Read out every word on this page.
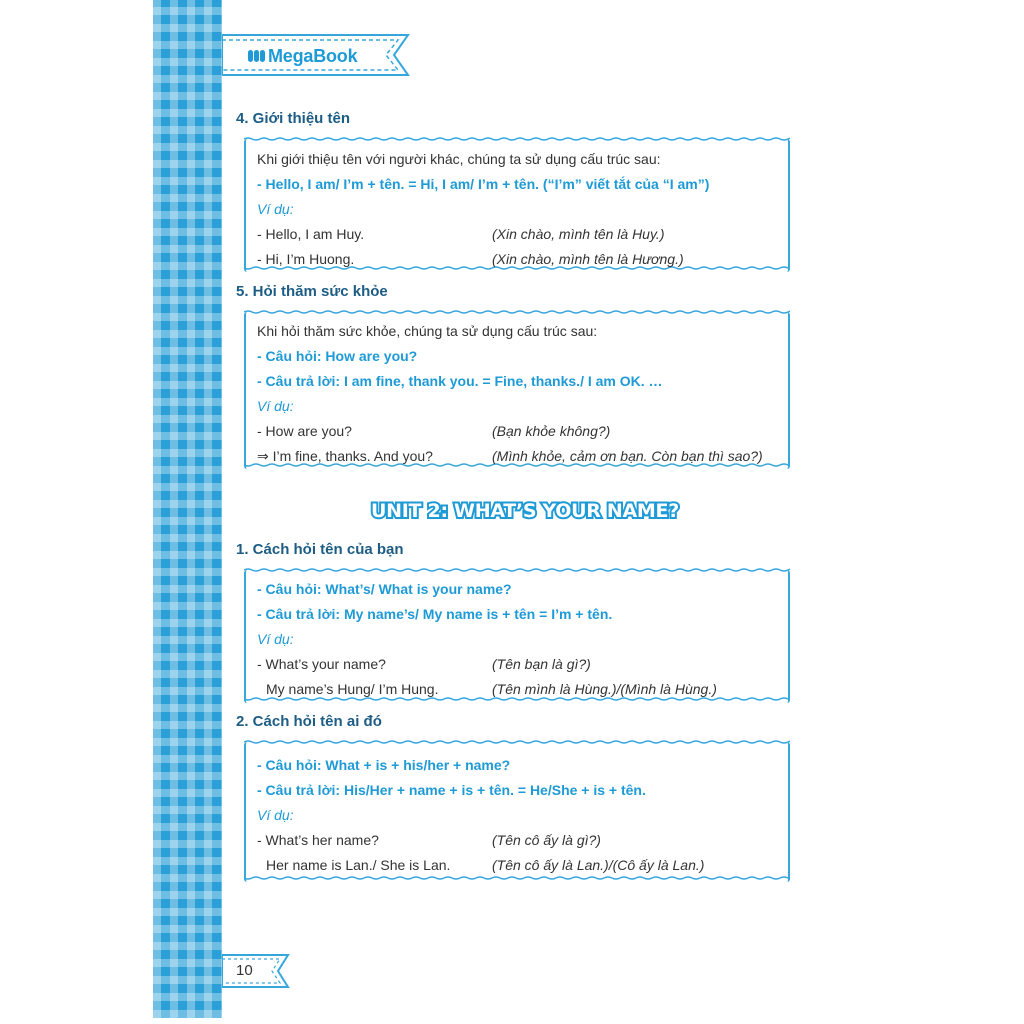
MegaBook
4. Giới thiệu tên
Khi giới thiệu tên với người khác, chúng ta sử dụng cấu trúc sau:
- Hello, I am/ I’m + tên. = Hi, I am/ I’m + tên. (“I’m” viết tắt của “I am”)
Ví dụ:
- Hello, I am Huy.	(Xin chào, mình tên là Huy.)
- Hi, I’m Huong.	(Xin chào, mình tên là Hương.)
5. Hỏi thăm sức khỏe
Khi hỏi thăm sức khỏe, chúng ta sử dụng cấu trúc sau:
- Câu hỏi: How are you?
- Câu trả lời: I am fine, thank you. = Fine, thanks./ I am OK. …
Ví dụ:
- How are you?	(Bạn khỏe không?)
⇒ I’m fine, thanks. And you?	(Mình khỏe, cảm ơn bạn. Còn bạn thì sao?)
UNIT 2: WHAT’S YOUR NAME?
1. Cách hỏi tên của bạn
- Câu hỏi: What’s/ What is your name?
- Câu trả lời: My name’s/ My name is + tên = I’m + tên.
Ví dụ:
- What’s your name?	(Tên bạn là gì?)
My name’s Hung/ I’m Hung.	(Tên mình là Hùng.)/(Mình là Hùng.)
2. Cách hỏi tên ai đó
- Câu hỏi: What + is + his/her + name?
- Câu trả lời: His/Her + name + is + tên. = He/She + is + tên.
Ví dụ:
- What’s her name?	(Tên cô ấy là gì?)
Her name is Lan./ She is Lan.	(Tên cô ấy là Lan.)/(Cô ấy là Lan.)
10
